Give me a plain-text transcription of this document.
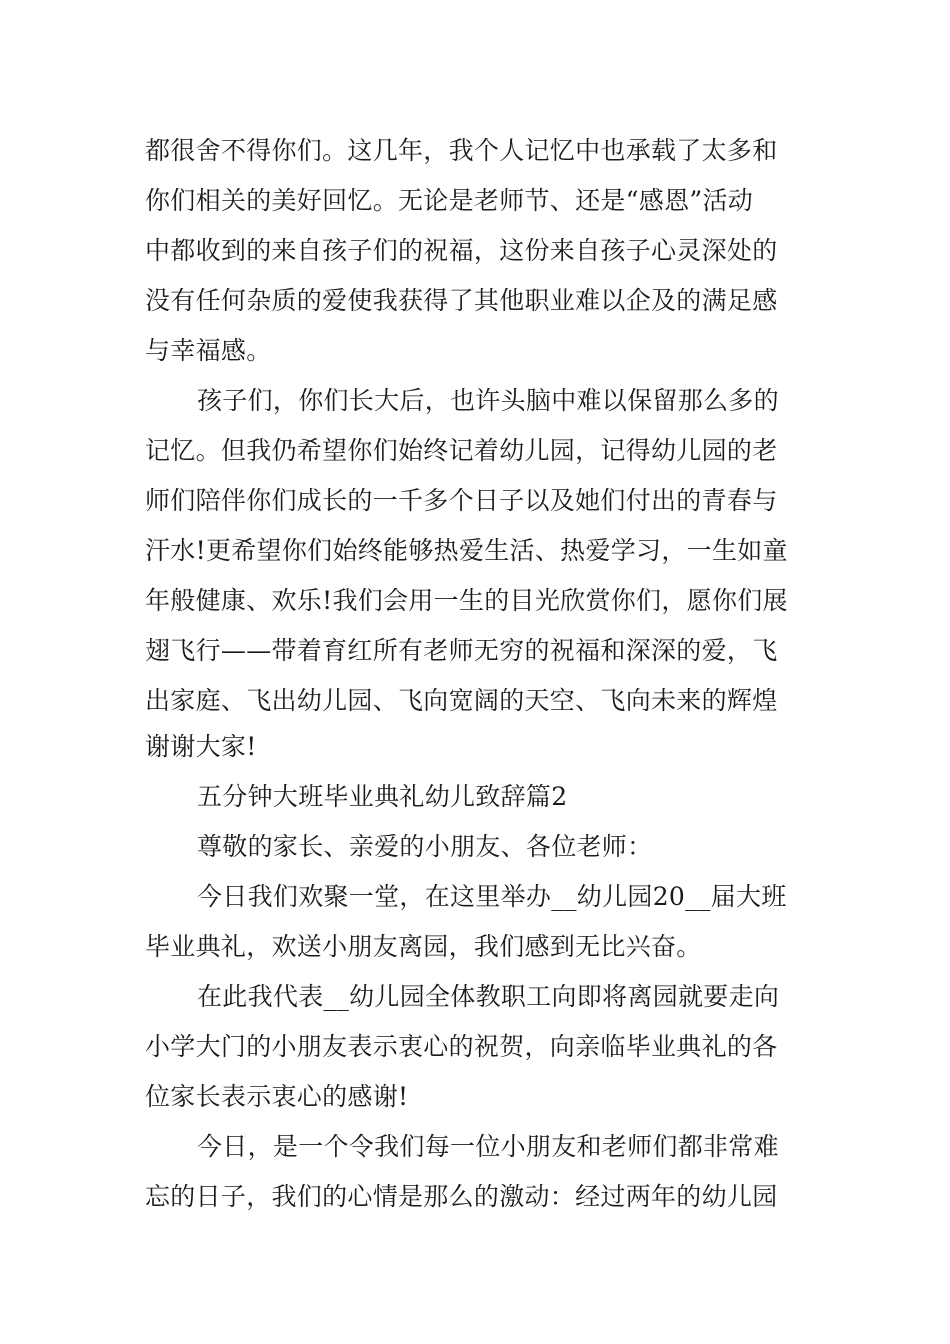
都很舍不得你们。这几年，我个人记忆中也承载了太多和
你们相关的美好回忆。无论是老师节、还是“感恩”活动
中都收到的来自孩子们的祝福，这份来自孩子心灵深处的
没有任何杂质的爱使我获得了其他职业难以企及的满足感
与幸福感。
孩子们，你们长大后，也许头脑中难以保留那么多的
记忆。但我仍希望你们始终记着幼儿园，记得幼儿园的老
师们陪伴你们成长的一千多个日子以及她们付出的青春与
汗水!更希望你们始终能够热爱生活、热爱学习，一生如童
年般健康、欢乐!我们会用一生的目光欣赏你们，愿你们展
翅飞行——带着育红所有老师无穷的祝福和深深的爱，飞
出家庭、飞出幼儿园、飞向宽阔的天空、飞向未来的辉煌
谢谢大家!
五分钟大班毕业典礼幼儿致辞篇2
尊敬的家长、亲爱的小朋友、各位老师：
今日我们欢聚一堂，在这里举办__幼儿园20__届大班
毕业典礼，欢送小朋友离园，我们感到无比兴奋。
在此我代表__幼儿园全体教职工向即将离园就要走向
小学大门的小朋友表示衷心的祝贺，向亲临毕业典礼的各
位家长表示衷心的感谢!
今日，是一个令我们每一位小朋友和老师们都非常难
忘的日子，我们的心情是那么的激动：经过两年的幼儿园
